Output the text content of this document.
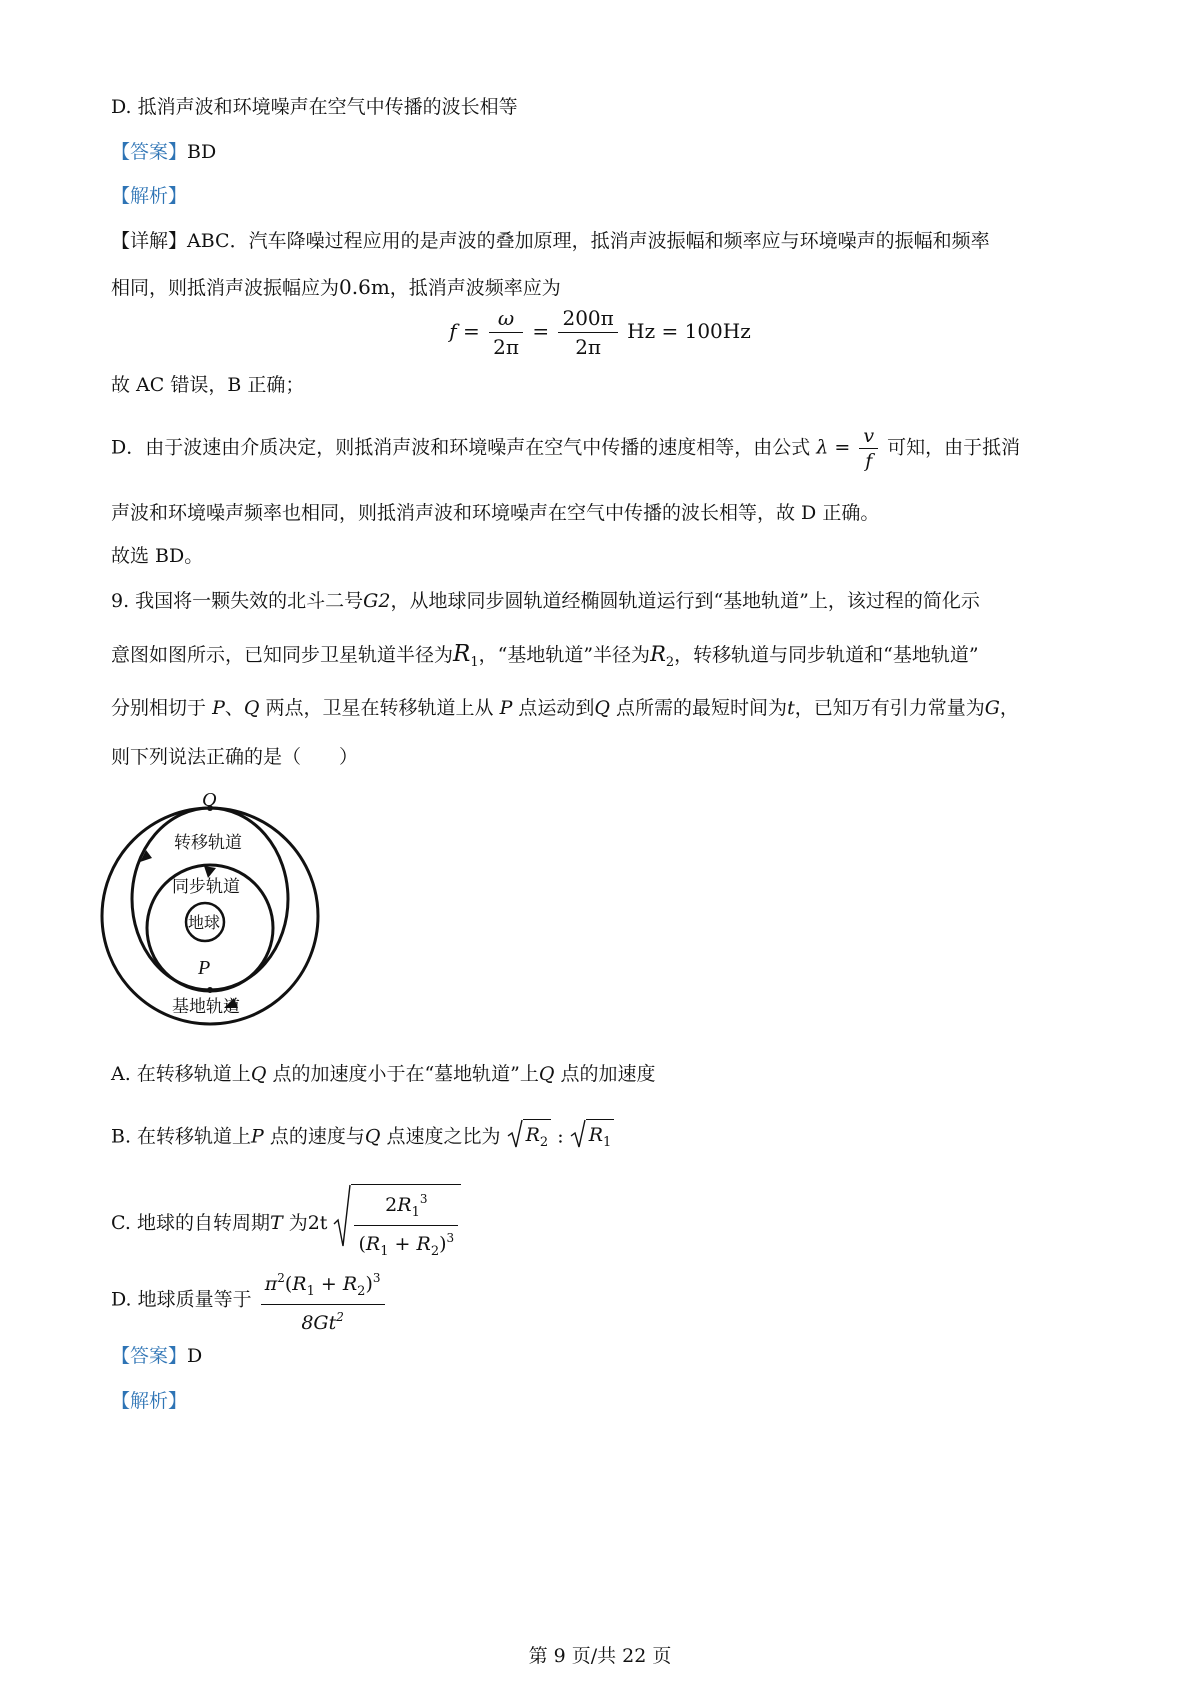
D. 抵消声波和环境噪声在空气中传播的波长相等
【答案】BD
【解析】
【详解】ABC．汽车降噪过程应用的是声波的叠加原理，抵消声波振幅和频率应与环境噪声的振幅和频率
相同，则抵消声波振幅应为0.6m，抵消声波频率应为
$f = \frac{\omega}{2\pi} = \frac{200\pi}{2\pi}$ Hz = 100Hz
故 AC 错误，B 正确；
D．由于波速由介质决定，则抵消声波和环境噪声在空气中传播的速度相等，由公式 $\lambda = \frac{v}{f}$ 可知，由于抵消
声波和环境噪声频率也相同，则抵消声波和环境噪声在空气中传播的波长相等，故 D 正确。
故选 BD。
9. 我国将一颗失效的北斗二号G2，从地球同步圆轨道经椭圆轨道运行到“基地轨道”上，该过程的简化示
意图如图所示，已知同步卫星轨道半径为$R_1$，“基地轨道”半径为$R_2$，转移轨道与同步轨道和“基地轨道”
分别相切于 P、Q 两点，卫星在转移轨道上从 P 点运动到Q 点所需的最短时间为t，已知万有引力常量为G，
则下列说法正确的是（　　）
Q
转移轨道
同步轨道
地球
P
基地轨道
A. 在转移轨道上Q 点的加速度小于在“墓地轨道”上Q 点的加速度
B. 在转移轨道上P 点的速度与Q 点速度之比为 $R_2$ : $R_1$
C. 地球的自转周期T 为$2t \frac{2R_1^3}{(R_1 + R_2)^3}$
D. 地球质量等于 $\frac{\pi^2(R_1 + R_2)^3}{8Gt^2}$
【答案】D
【解析】
第 9 页/共 22 页
